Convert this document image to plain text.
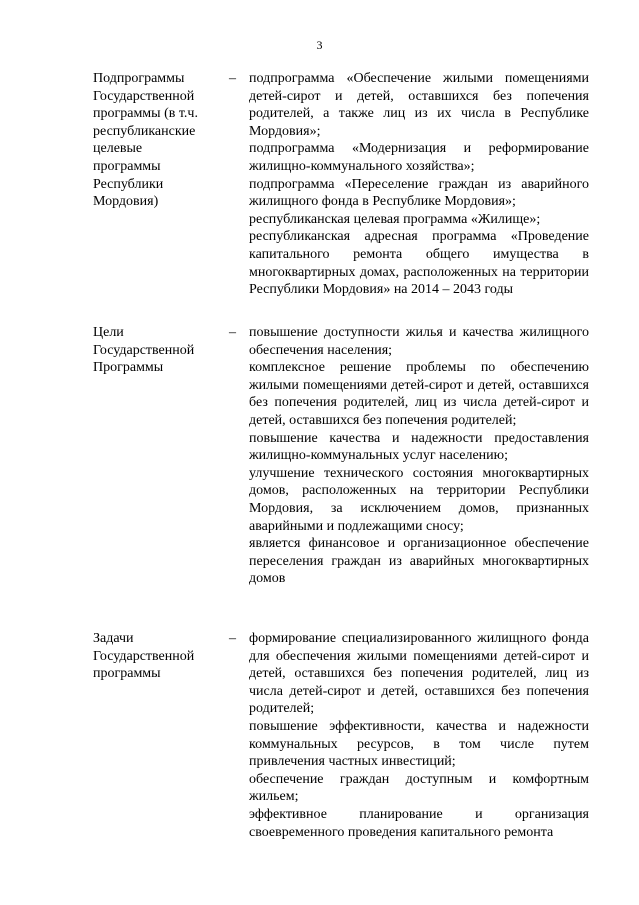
3
Подпрограммы
Государственной
программы (в т.ч.
республиканские
целевые
программы
Республики
Мордовия)
– подпрограмма «Обеспечение жилыми помещениями детей-сирот и детей, оставшихся без попечения родителей, а также лиц из их числа в Республике Мордовия»;
подпрограмма «Модернизация и реформирование жилищно-коммунального хозяйства»;
подпрограмма «Переселение граждан из аварийного жилищного фонда в Республике Мордовия»;
республиканская целевая программа «Жилище»;
республиканская адресная программа «Проведение капитального ремонта общего имущества в многоквартирных домах, расположенных на территории Республики Мордовия» на 2014 – 2043 годы
Цели
Государственной
Программы
– повышение доступности жилья и качества жилищного обеспечения населения;
комплексное решение проблемы по обеспечению жилыми помещениями детей-сирот и детей, оставшихся без попечения родителей, лиц из числа детей-сирот и детей, оставшихся без попечения родителей;
повышение качества и надежности предоставления жилищно-коммунальных услуг населению;
улучшение технического состояния многоквартирных домов, расположенных на территории Республики Мордовия, за исключением домов, признанных аварийными и подлежащими сносу;
является финансовое и организационное обеспечение переселения граждан из аварийных многоквартирных домов
Задачи
Государственной
программы
– формирование специализированного жилищного фонда для обеспечения жилыми помещениями детей-сирот и детей, оставшихся без попечения родителей, лиц из числа детей-сирот и детей, оставшихся без попечения родителей;
повышение эффективности, качества и надежности коммунальных ресурсов, в том числе путем привлечения частных инвестиций;
обеспечение граждан доступным и комфортным жильем;
эффективное планирование и организация своевременного проведения капитального ремонта
